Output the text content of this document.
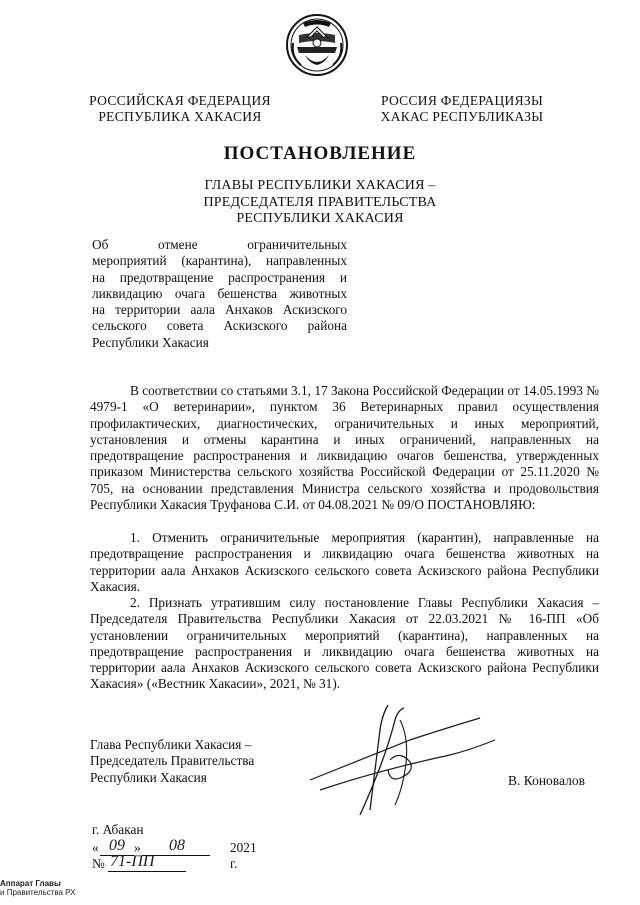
РОССИЙСКАЯ ФЕДЕРАЦИЯ
РЕСПУБЛИКА ХАКАСИЯ
РОССИЯ ФЕДЕРАЦИЯЗЫ
ХАКАС РЕСПУБЛИКАЗЫ
ПОСТАНОВЛЕНИЕ
ГЛАВЫ РЕСПУБЛИКИ ХАКАСИЯ –
ПРЕДСЕДАТЕЛЯ ПРАВИТЕЛЬСТВА
РЕСПУБЛИКИ ХАКАСИЯ
Об отмене ограничительных
мероприятий (карантина), направленных
на предотвращение распространения и
ликвидацию очага бешенства животных
на территории аала Анхаков Аскизского
сельского совета Аскизского района
Республики Хакасия
В соответствии со статьями 3.1, 17 Закона Российской Федерации от 14.05.1993 № 4979-1 «О ветеринарии», пунктом 36 Ветеринарных правил осуществления профилактических, диагностических, ограничительных и иных мероприятий, установления и отмены карантина и иных ограничений, направленных на предотвращение распространения и ликвидацию очагов бешенства, утвержденных приказом Министерства сельского хозяйства Российской Федерации от 25.11.2020 № 705, на основании представления Министра сельского хозяйства и продовольствия Республики Хакасия Труфанова С.И. от 04.08.2021 № 09/О ПОСТАНОВЛЯЮ:
1. Отменить ограничительные мероприятия (карантин), направленные на предотвращение распространения и ликвидацию очага бешенства животных на территории аала Анхаков Аскизского сельского совета Аскизского района Республики Хакасия.
2. Признать утратившим силу постановление Главы Республики Хакасия – Председателя Правительства Республики Хакасия от 22.03.2021 № 16-ПП «Об установлении ограничительных мероприятий (карантина), направленных на предотвращение распространения и ликвидацию очага бешенства животных на территории аала Анхаков Аскизского сельского совета Аскизского района Республики Хакасия» («Вестник Хакасии», 2021, № 31).
Глава Республики Хакасия –
Председатель Правительства
Республики Хакасия	В. Коновалов
г. Абакан
« 09 »	08	2021 г.
№ 71-ПП
Аппарат Главы
и Правительства РХ
